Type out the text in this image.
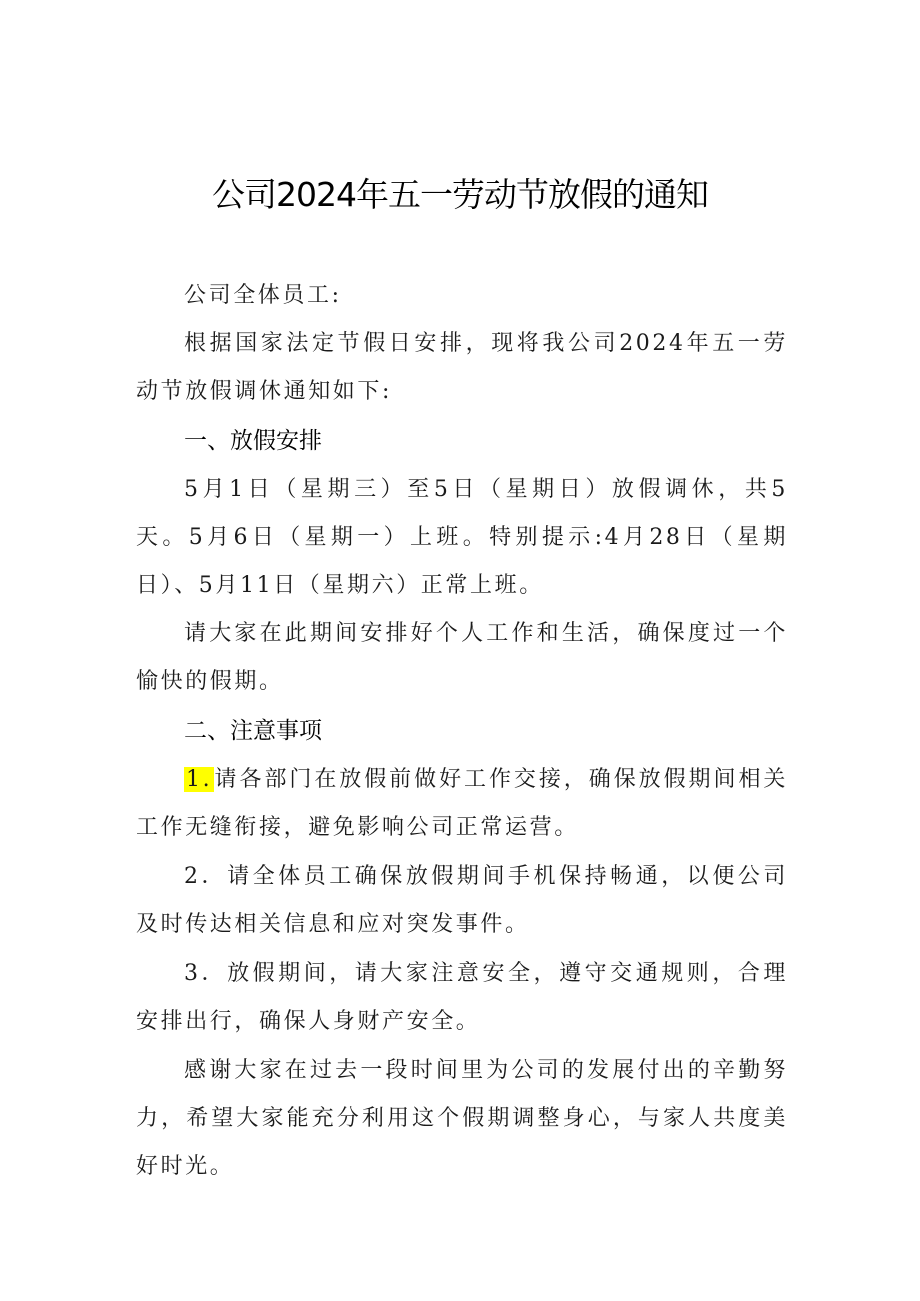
公司2024年五一劳动节放假的通知

公司全体员工:

根据国家法定节假日安排，现将我公司2024年五一劳动节放假调休通知如下:

一、放假安排

5月1日（星期三）至5日（星期日）放假调休，共5天。5月6日（星期一）上班。特别提示:4月28日（星期日）、5月11日（星期六）正常上班。

请大家在此期间安排好个人工作和生活，确保度过一个愉快的假期。

二、注意事项

1.请各部门在放假前做好工作交接，确保放假期间相关工作无缝衔接，避免影响公司正常运营。

2．请全体员工确保放假期间手机保持畅通，以便公司及时传达相关信息和应对突发事件。

3．放假期间，请大家注意安全，遵守交通规则，合理安排出行，确保人身财产安全。

感谢大家在过去一段时间里为公司的发展付出的辛勤努力，希望大家能充分利用这个假期调整身心，与家人共度美好时光。
